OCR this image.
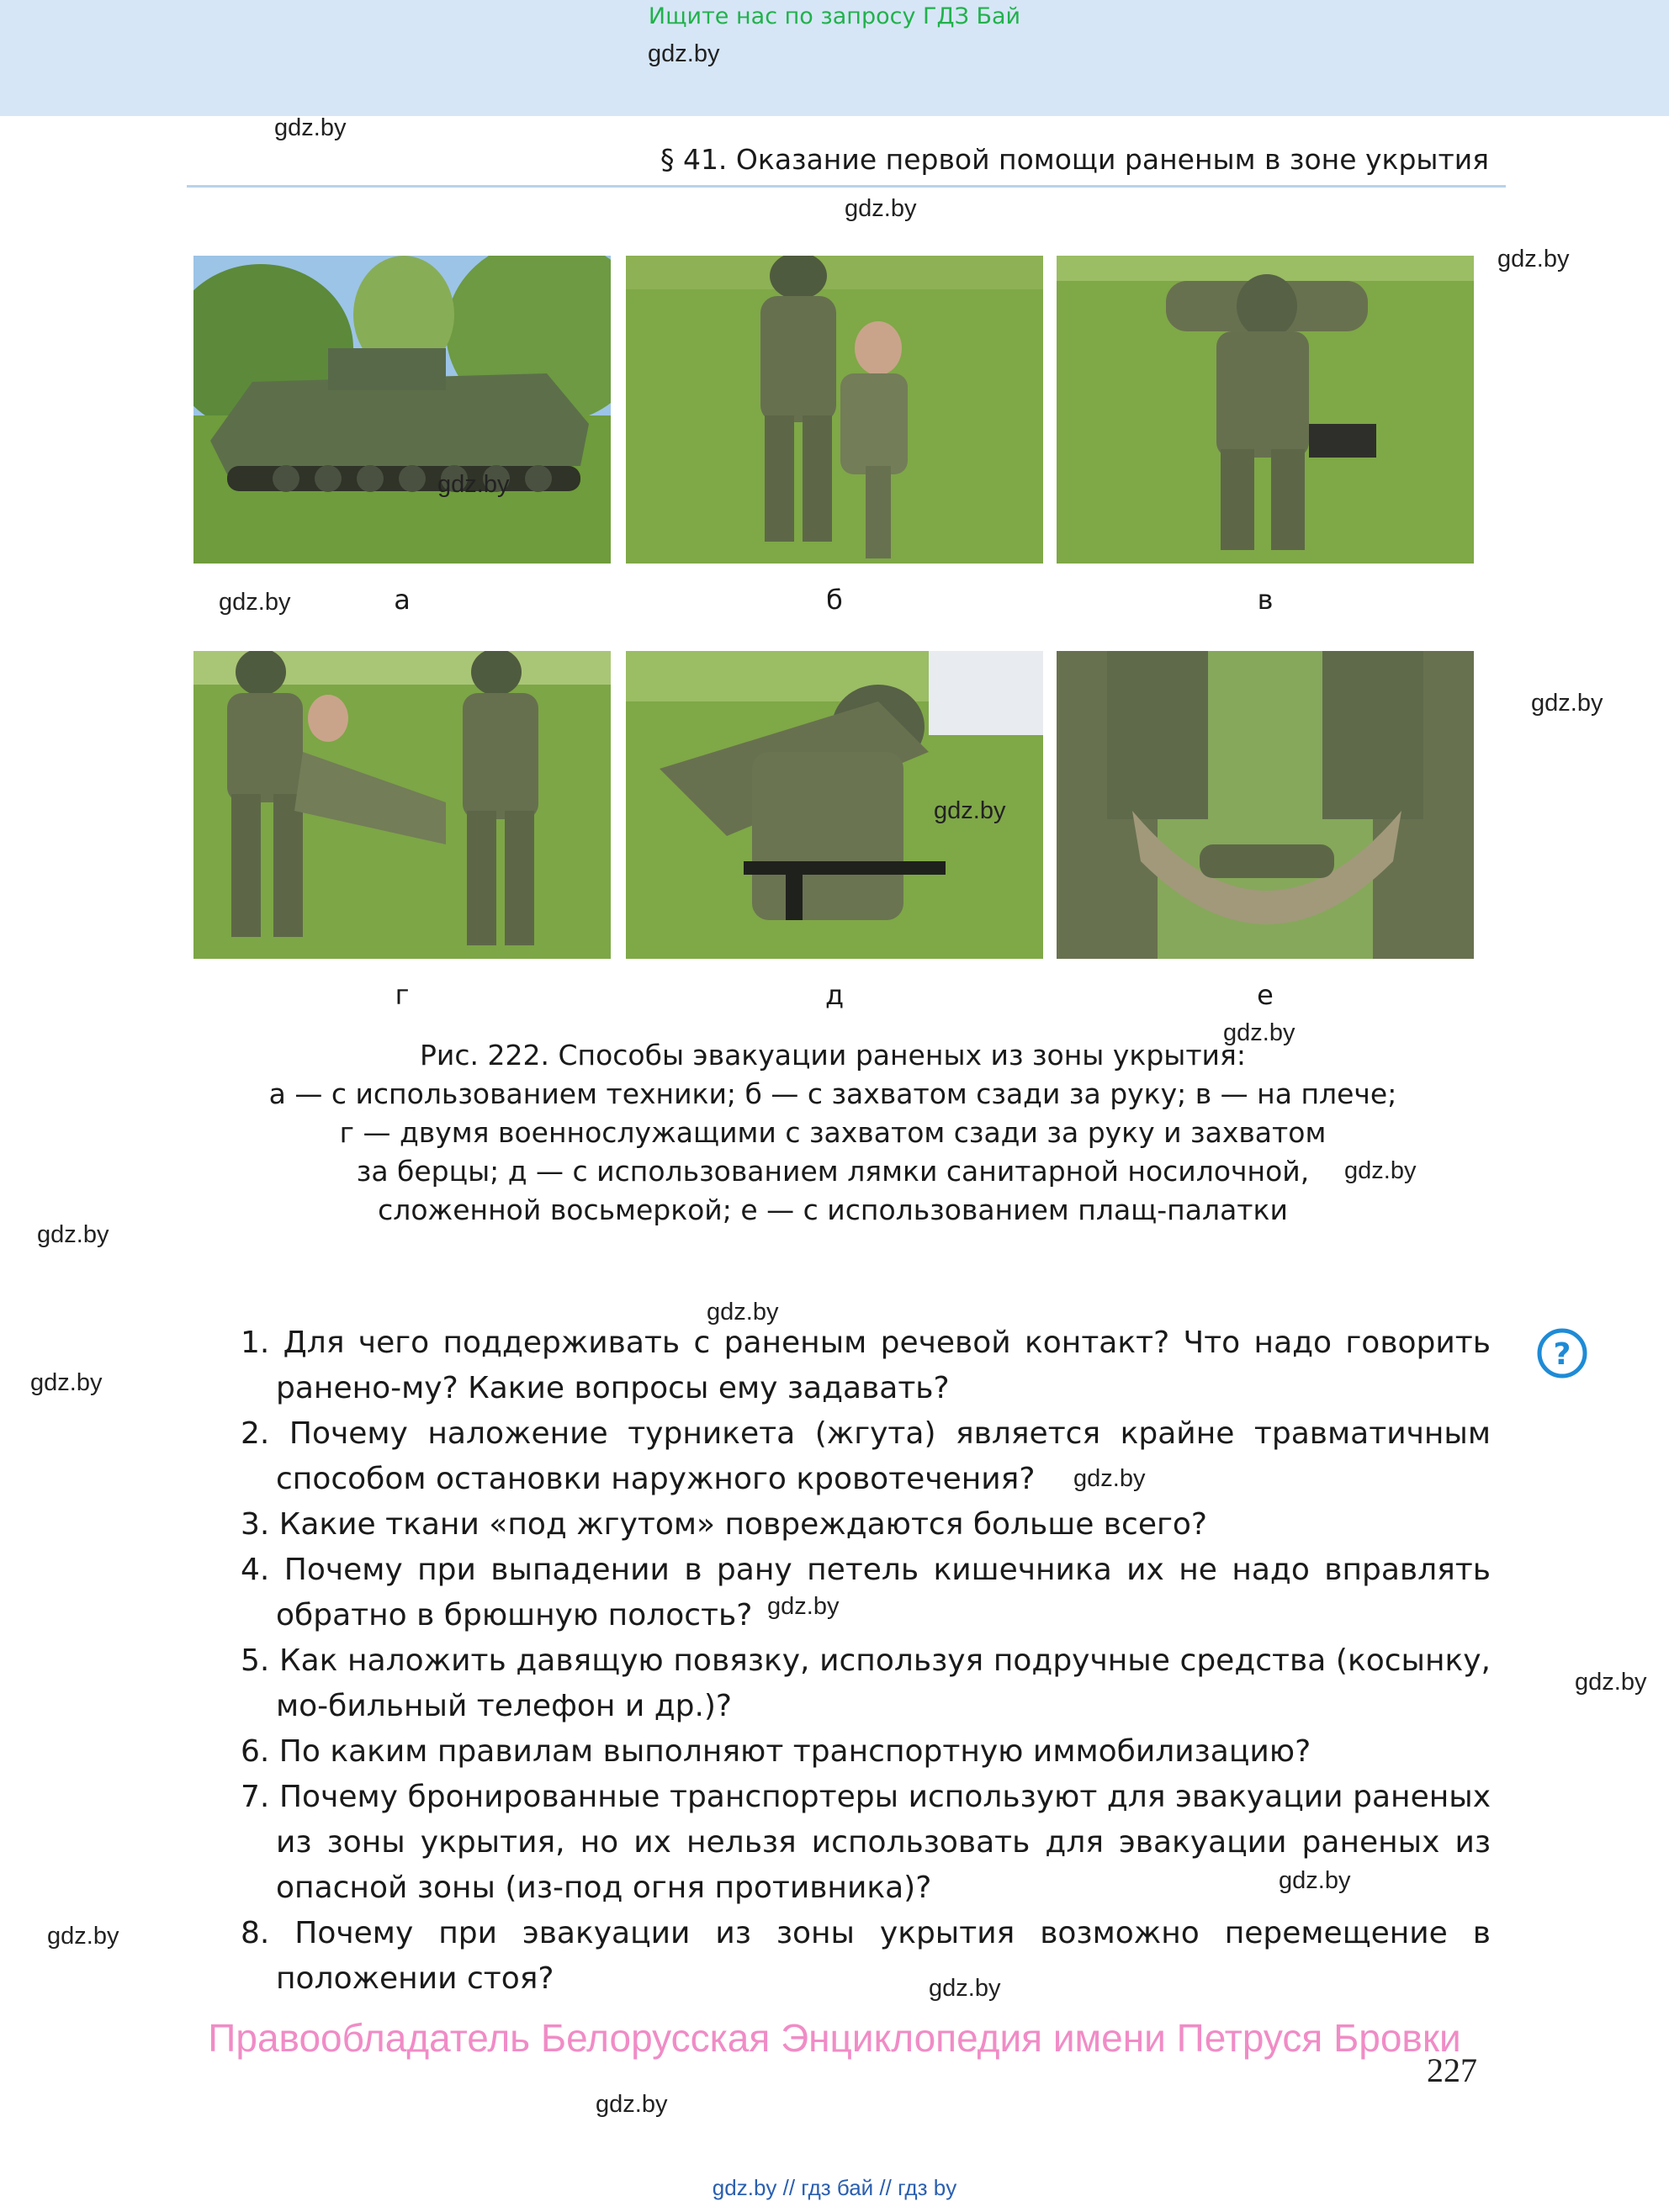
Ищите нас по запросу ГДЗ Бай
gdz.by
gdz.by
gdz.by
gdz.by
gdz.by
gdz.by
gdz.by
gdz.by
gdz.by
gdz.by
gdz.by
gdz.by
gdz.by
gdz.by
gdz.by
gdz.by
gdz.by
gdz.by
§ 41. Оказание первой помощи раненым в зоне укрытия
gdz.by
gdz.by
а	б	в
г	д	е
Рис. 222. Способы эвакуации раненых из зоны укрытия:
а — с использованием техники; б — с захватом сзади за руку; в — на плече;
г — двумя военнослужащими с захватом сзади за руку и захватом
за берцы; д — с использованием лямки санитарной носилочной,
сложенной восьмеркой; е — с использованием плащ-палатки
?
1. Для чего поддерживать с раненым речевой контакт? Что надо говорить ранено-му? Какие вопросы ему задавать?
2. Почему наложение турникета (жгута) является крайне травматичным способом остановки наружного кровотечения?
3. Какие ткани «под жгутом» повреждаются больше всего?
4. Почему при выпадении в рану петель кишечника их не надо вправлять обратно в брюшную полость?
5. Как наложить давящую повязку, используя подручные средства (косынку, мо-бильный телефон и др.)?
6. По каким правилам выполняют транспортную иммобилизацию?
7. Почему бронированные транспортеры используют для эвакуации раненых из зоны укрытия, но их нельзя использовать для эвакуации раненых из опасной зоны (из-под огня противника)?
8. Почему при эвакуации из зоны укрытия возможно перемещение в положении стоя?
Правообладатель Белорусская Энциклопедия имени Петруся Бровки
227
gdz.by // гдз бай // гдз by
